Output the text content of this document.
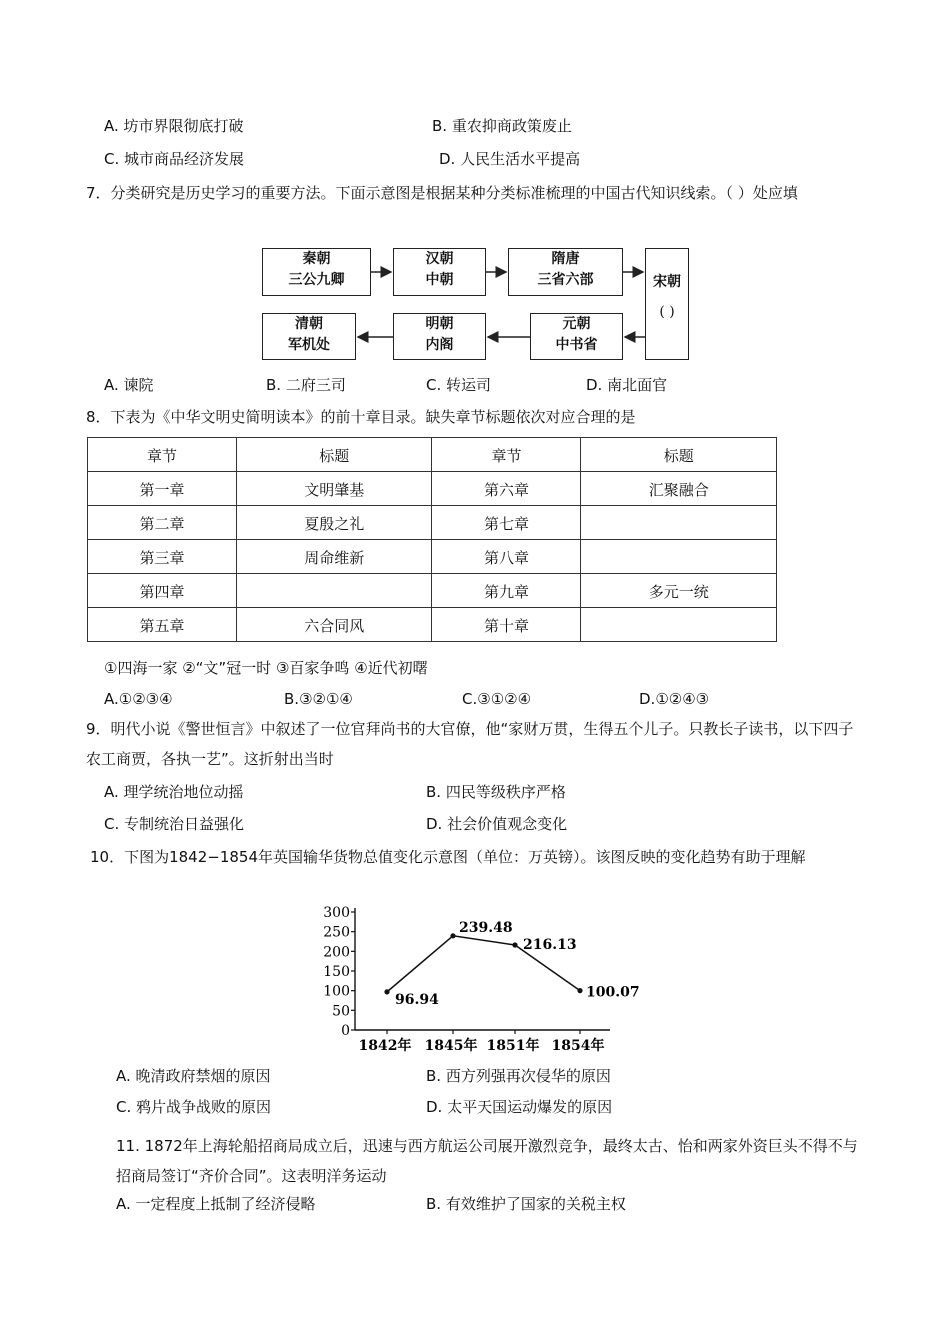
A. 坊市界限彻底打破	B. 重农抑商政策废止
C. 城市商品经济发展	D. 人民生活水平提高
7．分类研究是历史学习的重要方法。下面示意图是根据某种分类标准梳理的中国古代知识线索。（ ）处应填
秦朝
三公九卿
汉朝
中朝
隋唐
三省六部	宋朝
( )
元朝
中书省
明朝
内阁
清朝
军机处
A. 谏院	B. 二府三司	C. 转运司	D. 南北面官
8．下表为《中华文明史简明读本》的前十章目录。缺失章节标题依次对应合理的是
章节	标题	章节	标题
第一章	文明肇基	第六章	汇聚融合
第二章	夏殷之礼	第七章	
第三章	周命维新	第八章	
第四章		第九章	多元一统
第五章	六合同风	第十章	
①四海一家 ②“文”冠一时 ③百家争鸣 ④近代初曙
A.①②③④	B.③②①④	C.③①②④	D.①②④③
9．明代小说《警世恒言》中叙述了一位官拜尚书的大官僚，他“家财万贯，生得五个儿子。只教长子读书，以下四子农工商贾，各执一艺”。这折射出当时
A. 理学统治地位动摇	B. 四民等级秩序严格
C. 专制统治日益强化	D. 社会价值观念变化
10．下图为1842−1854年英国输华货物总值变化示意图（单位：万英镑）。该图反映的变化趋势有助于理解
0
50
100
150
200
250
300
1842年 1845年 1851年 1854年
96.94
239.48
216.13
100.07
A. 晚清政府禁烟的原因	B. 西方列强再次侵华的原因
C. 鸦片战争战败的原因	D. 太平天国运动爆发的原因
11. 1872年上海轮船招商局成立后，迅速与西方航运公司展开激烈竞争，最终太古、怡和两家外资巨头不得不与招商局签订“齐价合同”。这表明洋务运动
A. 一定程度上抵制了经济侵略	B. 有效维护了国家的关税主权
